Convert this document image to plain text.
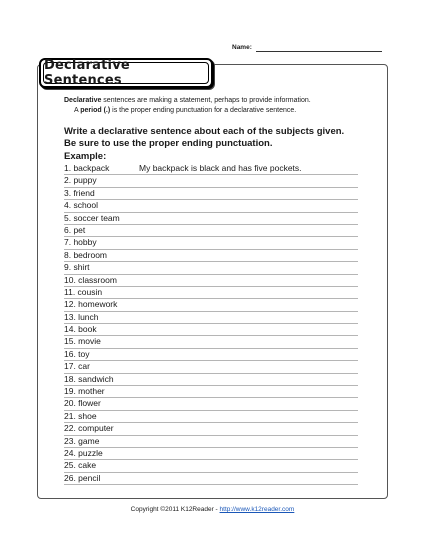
Name:
Declarative Sentences
Declarative sentences are making a statement, perhaps to provide information.
A period (.) is the proper ending punctuation for a declarative sentence.
Write a declarative sentence about each of the subjects given.
Be sure to use the proper ending punctuation.
Example:
1. backpack	My backpack is black and has five pockets.
2. puppy
3. friend
4. school
5. soccer team
6. pet
7. hobby
8. bedroom
9. shirt
10. classroom
11. cousin
12. homework
13. lunch
14. book
15. movie
16. toy
17. car
18. sandwich
19. mother
20. flower
21. shoe
22. computer
23. game
24. puzzle
25. cake
26. pencil
Copyright ©2011 K12Reader - http://www.k12reader.com
